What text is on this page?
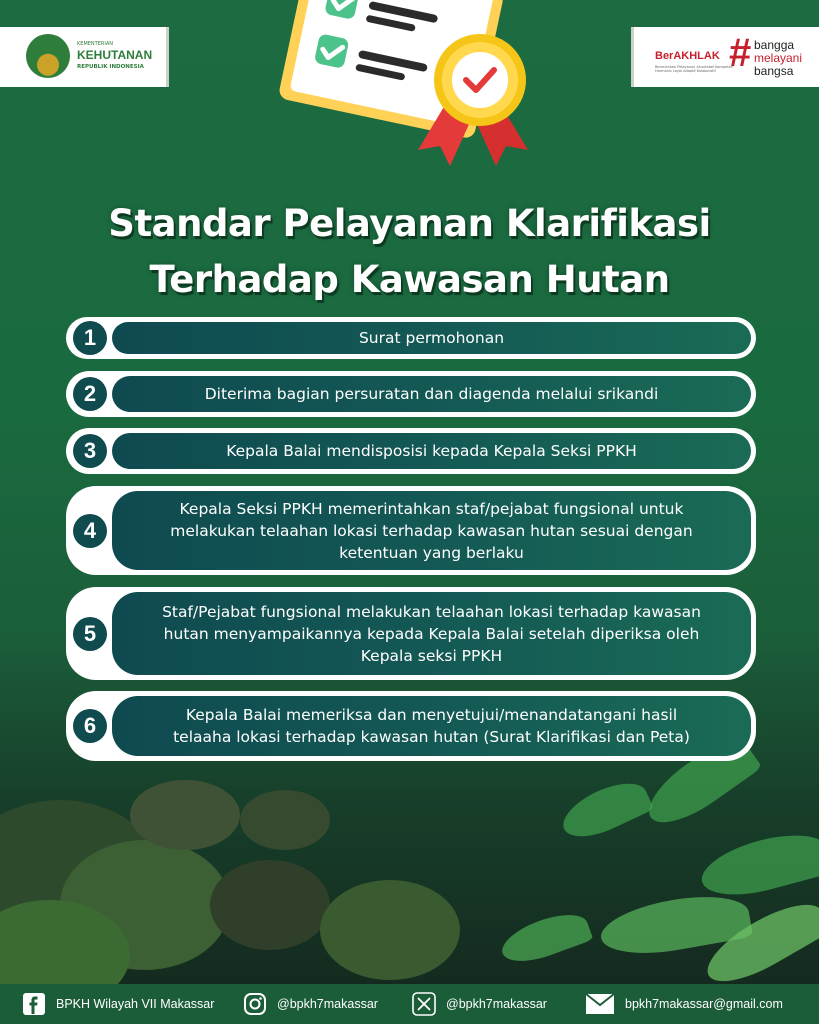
KEMENTERIAN
KEHUTANAN
REPUBLIK INDONESIA
BerAKHLAK
Berorientasi Pelayanan Akuntabel Kompeten Harmonis Loyal Adaptif Kolaboratif # bangga
melayani
bangsa
Standar Pelayanan Klarifikasi
Terhadap Kawasan Hutan
1	Surat permohonan
2	Diterima bagian persuratan dan diagenda melalui srikandi
3	Kepala Balai mendisposisi kepada Kepala Seksi PPKH
4
Kepala Seksi PPKH memerintahkan staf/pejabat fungsional untuk melakukan telaahan lokasi terhadap kawasan hutan sesuai dengan ketentuan yang berlaku
5
Staf/Pejabat fungsional melakukan telaahan lokasi terhadap kawasan hutan menyampaikannya kepada Kepala Balai setelah diperiksa oleh Kepala seksi PPKH
6	Kepala Balai memeriksa dan menyetujui/menandatangani hasil telaaha lokasi terhadap kawasan hutan (Surat Klarifikasi dan Peta)
BPKH Wilayah VII Makassar	@bpkh7makassar	@bpkh7makassar	bpkh7makassar@gmail.com
